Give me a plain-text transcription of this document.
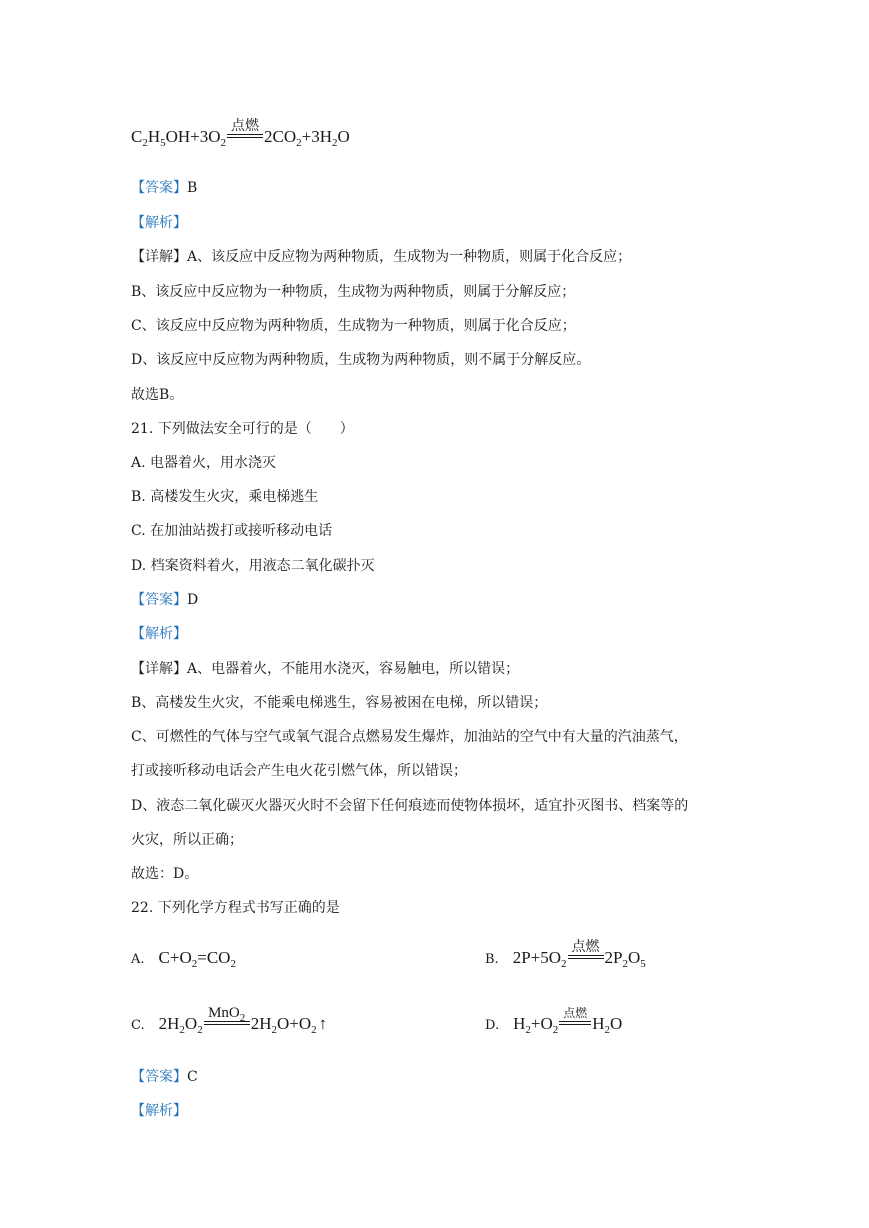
$C_2H_5OH+3O_2$
点燃
$2CO_2+3H_2O$
【答案】B
【解析】
【详解】A、该反应中反应物为两种物质，生成物为一种物质，则属于化合反应；
B、该反应中反应物为一种物质，生成物为两种物质，则属于分解反应；
C、该反应中反应物为两种物质，生成物为一种物质，则属于化合反应；
D、该反应中反应物为两种物质，生成物为两种物质，则不属于分解反应。
故选B。
21. 下列做法安全可行的是（　　）
A. 电器着火，用水浇灭
B. 高楼发生火灾，乘电梯逃生
C. 在加油站拨打或接听移动电话
D. 档案资料着火，用液态二氧化碳扑灭
【答案】D
【解析】
【详解】A、电器着火，不能用水浇灭，容易触电，所以错误；
B、高楼发生火灾，不能乘电梯逃生，容易被困在电梯，所以错误；
C、可燃性的气体与空气或氧气混合点燃易发生爆炸，加油站的空气中有大量的汽油蒸气，
打或接听移动电话会产生电火花引燃气体，所以错误；
D、液态二氧化碳灭火器灭火时不会留下任何痕迹而使物体损坏，适宜扑灭图书、档案等的
火灾，所以正确；
故选：D。
22. 下列化学方程式书写正确的是
A. $C+O_2=CO_2$	B. $2P+5O_2$
点燃
$2P_2O_5$
C. $2H_2O_2$
MnO$_2$ $2H_2O+O_2$ ↑	D. $H_2+O_2$
点燃
$H_2O$
【答案】C
【解析】
